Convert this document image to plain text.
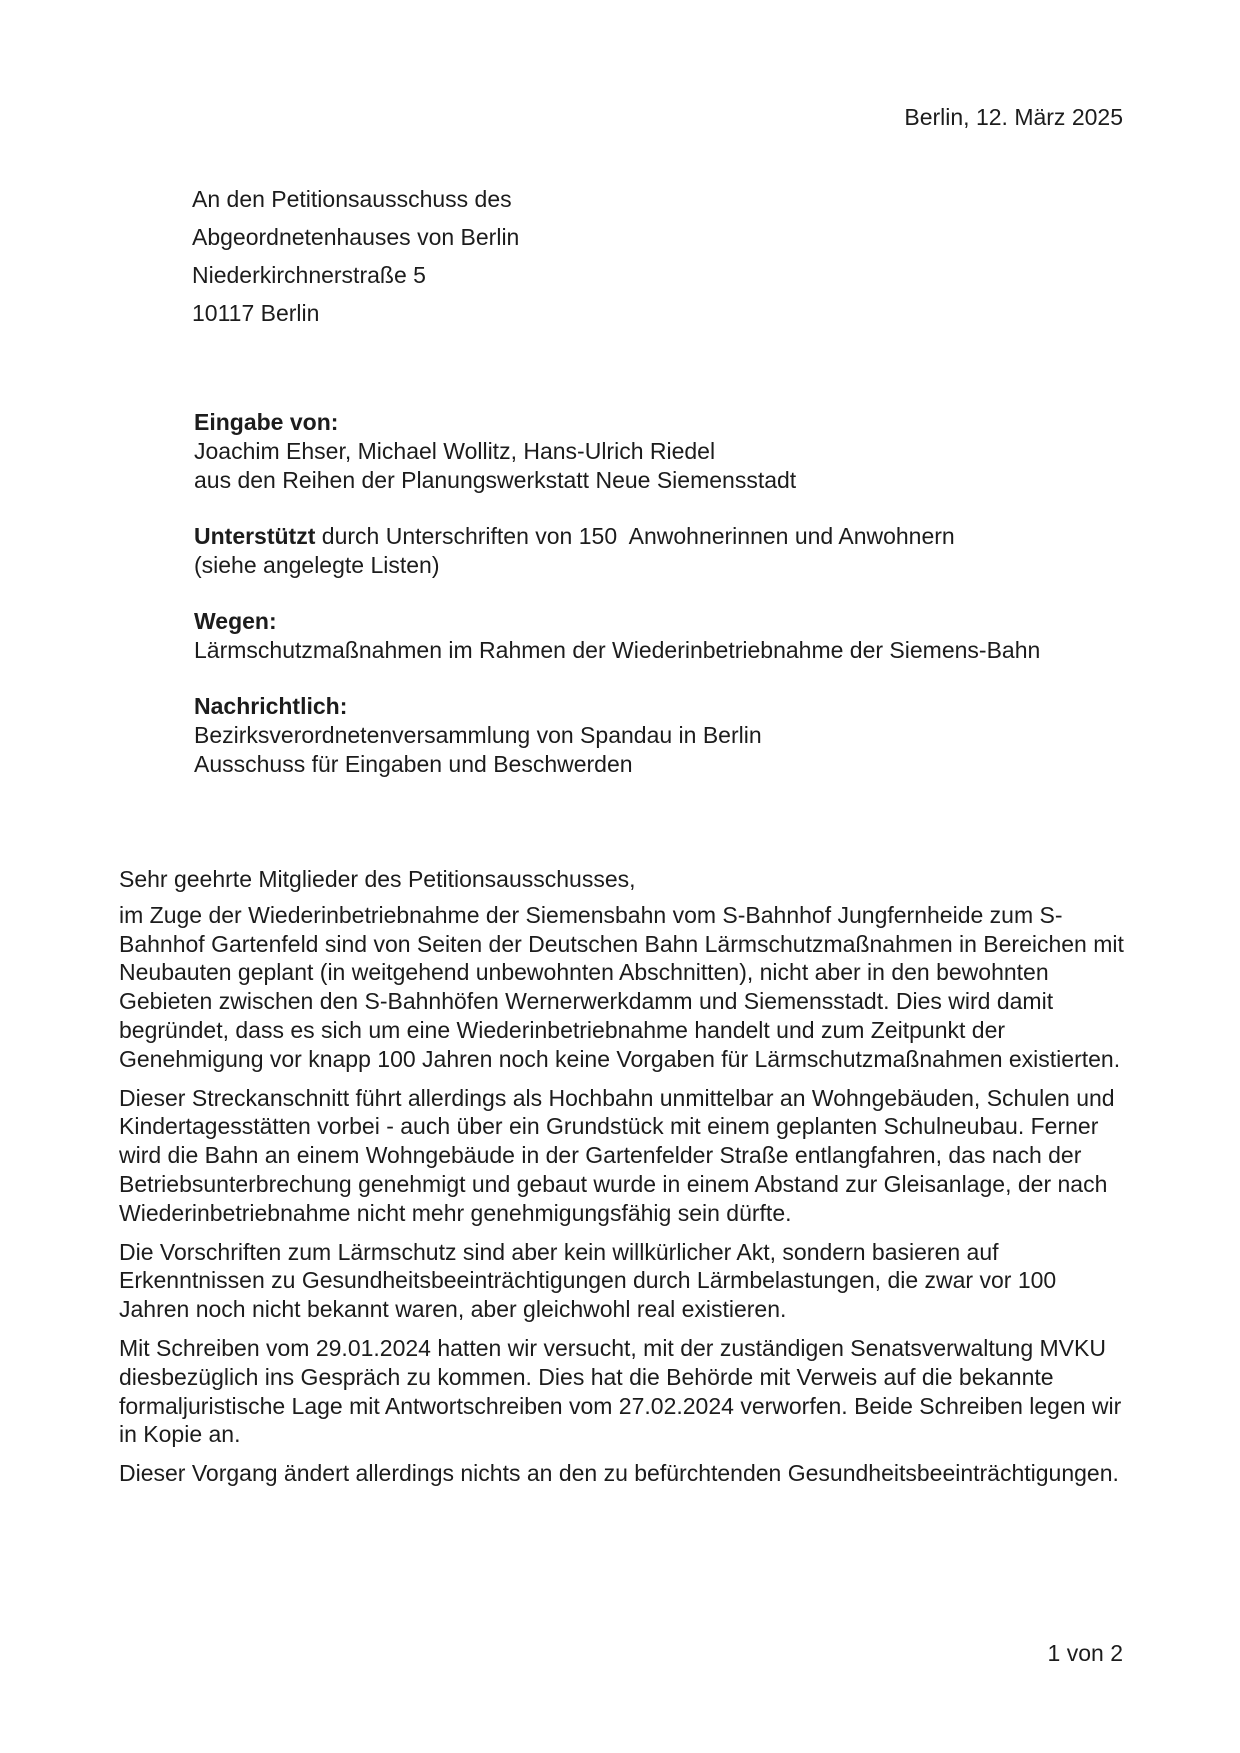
Berlin, 12. März 2025
An den Petitionsausschuss des
Abgeordnetenhauses von Berlin
Niederkirchnerstraße 5
10117 Berlin
Eingabe von:
Joachim Ehser, Michael Wollitz, Hans-Ulrich Riedel
aus den Reihen der Planungswerkstatt Neue Siemensstadt
Unterstützt durch Unterschriften von 150  Anwohnerinnen und Anwohnern
(siehe angelegte Listen)
Wegen:
Lärmschutzmaßnahmen im Rahmen der Wiederinbetriebnahme der Siemens-Bahn
Nachrichtlich:
Bezirksverordnetenversammlung von Spandau in Berlin
Ausschuss für Eingaben und Beschwerden

Sehr geehrte Mitglieder des Petitionsausschusses,

im Zuge der Wiederinbetriebnahme der Siemensbahn vom S-Bahnhof Jungfernheide zum S-Bahnhof Gartenfeld sind von Seiten der Deutschen Bahn Lärmschutzmaßnahmen in Bereichen mit Neubauten geplant (in weitgehend unbewohnten Abschnitten), nicht aber in den bewohnten Gebieten zwischen den S-Bahnhöfen Wernerwerkdamm und Siemensstadt. Dies wird damit begründet, dass es sich um eine Wiederinbetriebnahme handelt und zum Zeitpunkt der Genehmigung vor knapp 100 Jahren noch keine Vorgaben für Lärmschutzmaßnahmen existierten.

Dieser Streckanschnitt führt allerdings als Hochbahn unmittelbar an Wohngebäuden, Schulen und Kindertagesstätten vorbei - auch über ein Grundstück mit einem geplanten Schulneubau. Ferner wird die Bahn an einem Wohngebäude in der Gartenfelder Straße entlangfahren, das nach der Betriebsunterbrechung genehmigt und gebaut wurde in einem Abstand zur Gleisanlage, der nach Wiederinbetriebnahme nicht mehr genehmigungsfähig sein dürfte.

Die Vorschriften zum Lärmschutz sind aber kein willkürlicher Akt, sondern basieren auf Erkenntnissen zu Gesundheitsbeeinträchtigungen durch Lärmbelastungen, die zwar vor 100 Jahren noch nicht bekannt waren, aber gleichwohl real existieren.

Mit Schreiben vom 29.01.2024 hatten wir versucht, mit der zuständigen Senatsverwaltung MVKU diesbezüglich ins Gespräch zu kommen. Dies hat die Behörde mit Verweis auf die bekannte formaljuristische Lage mit Antwortschreiben vom 27.02.2024 verworfen. Beide Schreiben legen wir in Kopie an.

Dieser Vorgang ändert allerdings nichts an den zu befürchtenden Gesundheitsbeeinträchtigungen.

1 von 2
